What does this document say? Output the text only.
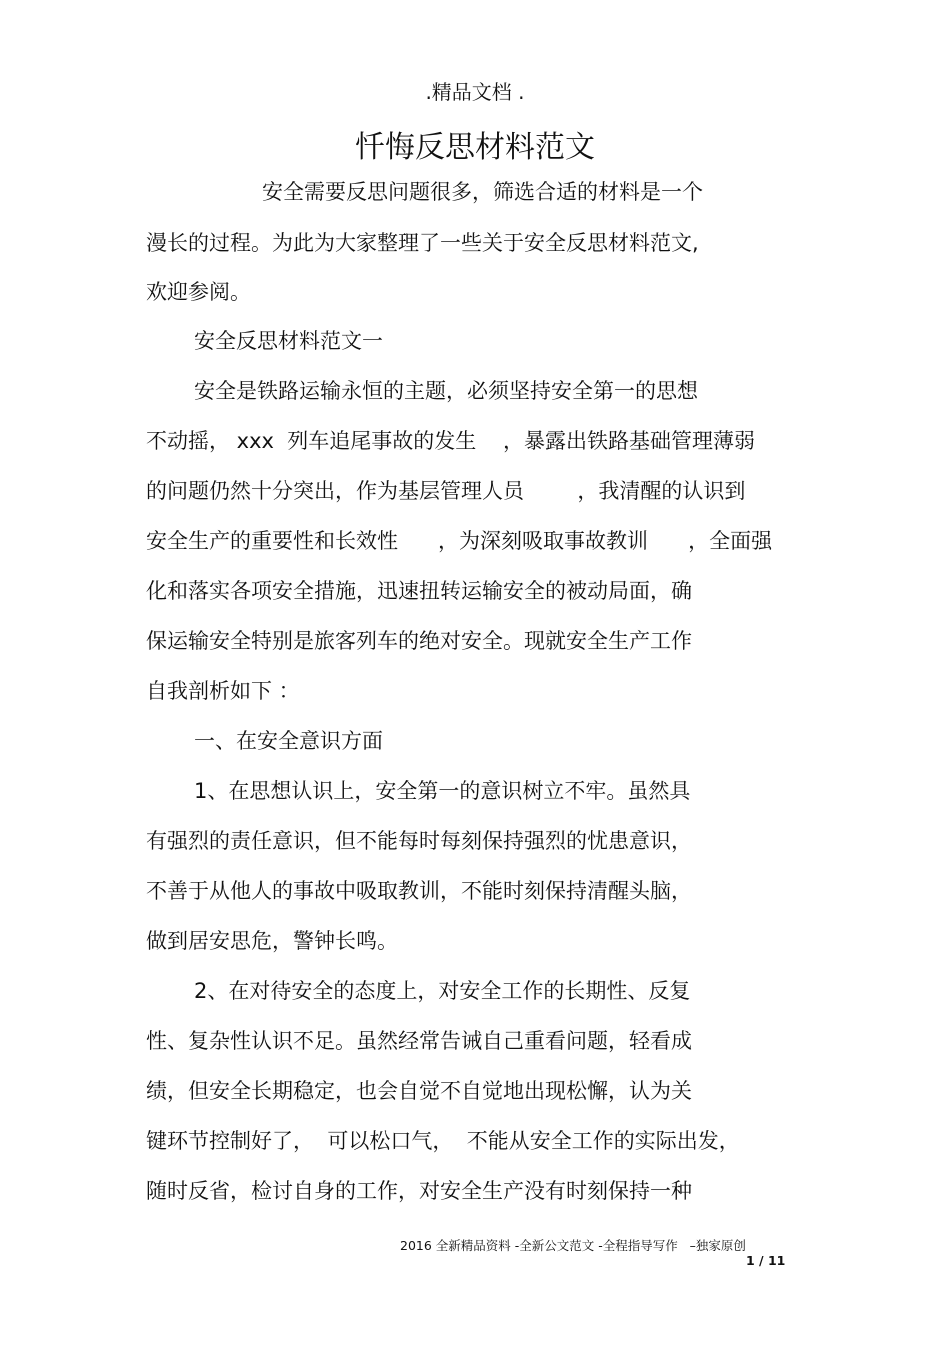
.精品文档 .
忏悔反思材料范文
安全需要反思问题很多，筛选合适的材料是一个
漫长的过程。为此为大家整理了一些关于安全反思材料范文,
欢迎参阅。
安全反思材料范文一
安全是铁路运输永恒的主题，必须坚持安全第一的思想
不动摇， xxx  列车追尾事故的发生    ，暴露出铁路基础管理薄弱
的问题仍然十分突出，作为基层管理人员        ，我清醒的认识到
安全生产的重要性和长效性      ，为深刻吸取事故教训      ，全面强
化和落实各项安全措施，迅速扭转运输安全的被动局面，确
保运输安全特别是旅客列车的绝对安全。现就安全生产工作
自我剖析如下 ：
一、在安全意识方面
1、在思想认识上，安全第一的意识树立不牢。虽然具
有强烈的责任意识，但不能每时每刻保持强烈的忧患意识，
不善于从他人的事故中吸取教训，不能时刻保持清醒头脑，
做到居安思危，警钟长鸣。
2、在对待安全的态度上，对安全工作的长期性、反复
性、复杂性认识不足。虽然经常告诫自己重看问题，轻看成
绩，但安全长期稳定，也会自觉不自觉地出现松懈，认为关
键环节控制好了，  可以松口气，  不能从安全工作的实际出发，
随时反省，检讨自身的工作，对安全生产没有时刻保持一种
2016 全新精品资料 -全新公文范文 -全程指导写作   –独家原创
1 / 11
